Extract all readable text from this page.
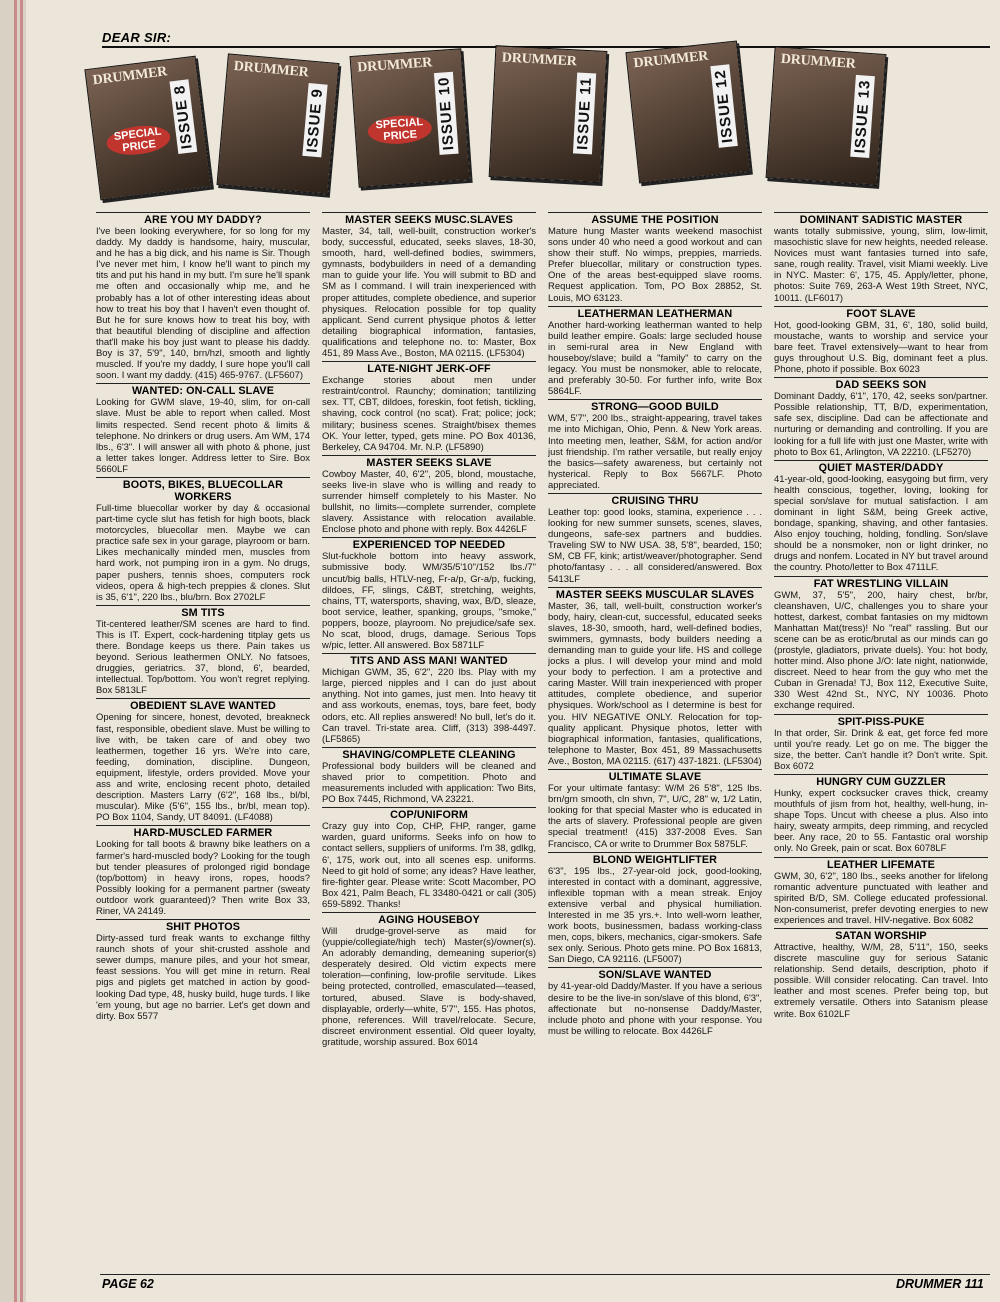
DEAR SIR:
DRUMMER
SPECIAL PRICE ISSUE 8
DRUMMER
ISSUE 9
DRUMMER
SPECIAL PRICE	ISSUE 10
DRUMMER
ISSUE 11
DRUMMER
ISSUE 12
DRUMMER
ISSUE 13
ARE YOU MY DADDY?
I've been looking everywhere, for so long for my daddy. My daddy is handsome, hairy, muscular, and he has a big dick, and his name is Sir. Though I've never met him, I know he'll want to pinch my tits and put his hand in my butt. I'm sure he'll spank me often and occasionally whip me, and he probably has a lot of other interesting ideas about how to treat his boy that I haven't even thought of. But he for sure knows how to treat his boy, with that beautiful blending of discipline and affection that'll make his boy just want to please his daddy. Boy is 37, 5'9", 140, brn/hzl, smooth and lightly muscled. If you're my daddy, I sure hope you'll call soon. I want my daddy. (415) 465-9767. (LF5607)
WANTED: ON-CALL SLAVE
Looking for GWM slave, 19-40, slim, for on-call slave. Must be able to report when called. Most limits respected. Send recent photo & limits & telephone. No drinkers or drug users. Am WM, 174 lbs., 6'3". I will answer all with photo & phone, just a letter takes longer. Address letter to Sire. Box 5660LF
BOOTS, BIKES, BLUECOLLAR WORKERS
Full-time bluecollar worker by day & occasional part-time cycle slut has fetish for high boots, black motorcycles, bluecollar men. Maybe we can practice safe sex in your garage, playroom or barn. Likes mechanically minded men, muscles from hard work, not pumping iron in a gym. No drugs, paper pushers, tennis shoes, computers rock videos, opera & high-tech preppies & clones. Slut is 35, 6'1", 220 lbs., blu/brn. Box 2702LF
SM TITS
Tit-centered leather/SM scenes are hard to find. This is IT. Expert, cock-hardening titplay gets us there. Bondage keeps us there. Pain takes us beyond. Serious leathermen ONLY. No fatsoes, druggies, geriatrics. 37, blond, 6', bearded, intellectual. Top/bottom. You won't regret replying. Box 5813LF
OBEDIENT SLAVE WANTED
Opening for sincere, honest, devoted, breakneck fast, responsible, obedient slave. Must be willing to live with, be taken care of and obey two leathermen, together 16 yrs. We're into care, feeding, domination, discipline. Dungeon, equipment, lifestyle, orders provided. Move your ass and write, enclosing recent photo, detailed description. Masters Larry (6'2", 168 lbs., bl/bl, muscular). Mike (5'6", 155 lbs., br/bl, mean top). PO Box 1104, Sandy, UT 84091. (LF4088)
HARD-MUSCLED FARMER
Looking for tall boots & brawny bike leathers on a farmer's hard-muscled body? Looking for the tough but tender pleasures of prolonged rigid bondage (top/bottom) in heavy irons, ropes, hoods? Possibly looking for a permanent partner (sweaty outdoor work guaranteed)? Then write Box 33, Riner, VA 24149.
SHIT PHOTOS
Dirty-assed turd freak wants to exchange filthy raunch shots of your shit-crusted asshole and sewer dumps, manure piles, and your hot smear, feast sessions. You will get mine in return. Real pigs and piglets get matched in action by good-looking Dad type, 48, husky build, huge turds. I like 'em young, but age no barrier. Let's get down and dirty. Box 5577
MASTER SEEKS MUSC.SLAVES
Master, 34, tall, well-built, construction worker's body, successful, educated, seeks slaves, 18-30, smooth, hard, well-defined bodies, swimmers, gymnasts, bodybuilders in need of a demanding man to guide your life. You will submit to BD and SM as I command. I will train inexperienced with proper attitudes, complete obedience, and superior physiques. Relocation possible for top quality applicant. Send current physique photos & letter detailing biographical information, fantasies, qualifications and telephone no. to: Master, Box 451, 89 Mass Ave., Boston, MA 02115. (LF5304)
LATE-NIGHT JERK-OFF
Exchange stories about men under restraint/control. Raunchy; domination; tantilizing sex. TT, CBT, dildoes, foreskin, foot fetish, tickling, shaving, cock control (no scat). Frat; police; jock; military; business scenes. Straight/bisex themes OK. Your letter, typed, gets mine. PO Box 40136, Berkeley, CA 94704. Mr. N.P. (LF5890)
MASTER SEEKS SLAVE
Cowboy Master, 40, 6'2", 205, blond, moustache, seeks live-in slave who is willing and ready to surrender himself completely to his Master. No bullshit, no limits—complete surrender, complete slavery. Assistance with relocation available. Enclose photo and phone with reply. Box 4426LF
EXPERIENCED TOP NEEDED
Slut-fuckhole bottom into heavy asswork, submissive body. WM/35/5'10"/152 lbs./7" uncut/big balls, HTLV-neg, Fr-a/p, Gr-a/p, fucking, dildoes, FF, slings, C&BT, stretching, weights, chains, TT, watersports, shaving, wax, B/D, sleaze, boot service, leather, spanking, groups, "smoke," poppers, booze, playroom. No prejudice/safe sex. No scat, blood, drugs, damage. Serious Tops w/pic, letter. All answered. Box 5871LF
TITS AND ASS MAN! WANTED
Michigan GWM, 35, 6'2", 220 lbs. Play with my large, pierced nipples and I can do just about anything. Not into games, just men. Into heavy tit and ass workouts, enemas, toys, bare feet, body odors, etc. All replies answered! No bull, let's do it. Can travel. Tri-state area. Cliff, (313) 398-4497. (LF5865)
SHAVING/COMPLETE CLEANING
Professional body builders will be cleaned and shaved prior to competition. Photo and measurements included with application: Two Bits, PO Box 7445, Richmond, VA 23221.
COP/UNIFORM
Crazy guy into Cop, CHP, FHP, ranger, game warden, guard uniforms. Seeks info on how to contact sellers, suppliers of uniforms. I'm 38, gdlkg, 6', 175, work out, into all scenes esp. uniforms. Need to git hold of some; any ideas? Have leather, fire-fighter gear. Please write: Scott Macomber, PO Box 421, Palm Beach, FL 33480-0421 or call (305) 659-5892. Thanks!
AGING HOUSEBOY
Will drudge-grovel-serve as maid for (yuppie/collegiate/high tech) Master(s)/owner(s). An adorably demanding, demeaning superior(s) desperately desired. Old victim expects mere toleration—confining, low-profile servitude. Likes being protected, controlled, emasculated—teased, tortured, abused. Slave is body-shaved, displayable, orderly—white, 5'7", 155. Has photos, phone, references. Will travel/relocate. Secure, discreet environment essential. Old queer loyalty, gratitude, worship assured. Box 6014
ASSUME THE POSITION
Mature hung Master wants weekend masochist sons under 40 who need a good workout and can show their stuff. No wimps, preppies, marrieds. Prefer bluecollar, military or construction types. One of the areas best-equipped slave rooms. Request application. Tom, PO Box 28852, St. Louis, MO 63123.
LEATHERMAN LEATHERMAN
Another hard-working leatherman wanted to help build leather empire. Goals: large secluded house in semi-rural area in New England with houseboy/slave; build a "family" to carry on the legacy. You must be nonsmoker, able to relocate, and preferably 30-50. For further info, write Box 5864LF.
STRONG—GOOD BUILD
WM, 5'7", 200 lbs., straight-appearing, travel takes me into Michigan, Ohio, Penn. & New York areas. Into meeting men, leather, S&M, for action and/or just friendship. I'm rather versatile, but really enjoy the basics—safety awareness, but certainly not hysterical. Reply to Box 5667LF. Photo appreciated.
CRUISING THRU
Leather top: good looks, stamina, experience . . . looking for new summer sunsets, scenes, slaves, dungeons, safe-sex partners and buddies. Traveling SW to NW USA. 38, 5'8", bearded, 150; SM, CB FF, kink; artist/weaver/photographer. Send photo/fantasy . . . all considered/answered. Box 5413LF
MASTER SEEKS MUSCULAR SLAVES
Master, 36, tall, well-built, construction worker's body, hairy, clean-cut, successful, educated seeks slaves, 18-30, smooth, hard, well-defined bodies, swimmers, gymnasts, body builders needing a demanding man to guide your life. HS and college jocks a plus. I will develop your mind and mold your body to perfection. I am a protective and caring Master. Will train inexperienced with proper attitudes, complete obedience, and superior physiques. Work/school as I determine is best for you. HIV NEGATIVE ONLY. Relocation for top-quality applicant. Physique photos, letter with biographical information, fantasies, qualifications, telephone to Master, Box 451, 89 Massachusetts Ave., Boston, MA 02115. (617) 437-1821. (LF5304)
ULTIMATE SLAVE
For your ultimate fantasy: W/M 26 5'8", 125 lbs. brn/grn smooth, cln shvn, 7", U/C, 28" w, 1/2 Latin, looking for that special Master who is educated in the arts of slavery. Professional people are given special treatment! (415) 337-2008 Eves. San Francisco, CA or write to Drummer Box 5875LF.
BLOND WEIGHTLIFTER
6'3", 195 lbs., 27-year-old jock, good-looking, interested in contact with a dominant, aggressive, inflexible topman with a mean streak. Enjoy extensive verbal and physical humiliation. Interested in me 35 yrs.+. Into well-worn leather, work boots, businessmen, badass working-class men, cops, bikers, mechanics, cigar-smokers. Safe sex only. Serious. Photo gets mine. PO Box 16813, San Diego, CA 92116. (LF5007)
SON/SLAVE WANTED
by 41-year-old Daddy/Master. If you have a serious desire to be the live-in son/slave of this blond, 6'3", affectionate but no-nonsense Daddy/Master, include photo and phone with your response. You must be willing to relocate. Box 4426LF
DOMINANT SADISTIC MASTER
wants totally submissive, young, slim, low-limit, masochistic slave for new heights, needed release. Novices must want fantasies turned into safe, sane, rough reality. Travel, visit Miami weekly. Live in NYC. Master: 6', 175, 45. Apply/letter, phone, photos: Suite 769, 263-A West 19th Street, NYC, 10011. (LF6017)
FOOT SLAVE
Hot, good-looking GBM, 31, 6', 180, solid build, moustache, wants to worship and service your bare feet. Travel extensively—want to hear from guys throughout U.S. Big, dominant feet a plus. Phone, photo if possible. Box 6023
DAD SEEKS SON
Dominant Daddy, 6'1", 170, 42, seeks son/partner. Possible relationship, TT, B/D, experimentation, safe sex, discipline. Dad can be affectionate and nurturing or demanding and controlling. If you are looking for a full life with just one Master, write with photo to Box 61, Arlington, VA 22210. (LF5270)
QUIET MASTER/DADDY
41-year-old, good-looking, easygoing but firm, very health conscious, together, loving, looking for special son/slave for mutual satisfaction. I am dominant in light S&M, being Greek active, bondage, spanking, shaving, and other fantasies. Also enjoy touching, holding, fondling. Son/slave should be a nonsmoker, non or light drinker, no drugs and nonfem. Located in NY but travel around the country. Photo/letter to Box 4711LF.
FAT WRESTLING VILLAIN
GWM, 37, 5'5", 200, hairy chest, br/br, cleanshaven, U/C, challenges you to share your hottest, darkest, combat fantasies on my midtown Manhattan Mat(tress)! No "real" rassling. But our scene can be as erotic/brutal as our minds can go (prostyle, gladiators, private duels). You: hot body, hotter mind. Also phone J/O: late night, nationwide, discreet. Need to hear from the guy who met the Cuban in Grenada! TJ, Box 112, Executive Suite, 330 West 42nd St., NYC, NY 10036. Photo exchange required.
SPIT-PISS-PUKE
In that order, Sir. Drink & eat, get force fed more until you're ready. Let go on me. The bigger the size, the better. Can't handle it? Don't write. Spit. Box 6072
HUNGRY CUM GUZZLER
Hunky, expert cocksucker craves thick, creamy mouthfuls of jism from hot, healthy, well-hung, in-shape Tops. Uncut with cheese a plus. Also into hairy, sweaty armpits, deep rimming, and recycled beer. Any race, 20 to 55. Fantastic oral worship only. No Greek, pain or scat. Box 6078LF
LEATHER LIFEMATE
GWM, 30, 6'2", 180 lbs., seeks another for lifelong romantic adventure punctuated with leather and spirited B/D, SM. College educated professional. Non-consumerist, prefer devoting energies to new experiences and travel. HIV-negative. Box 6082
SATAN WORSHIP
Attractive, healthy, W/M, 28, 5'11", 150, seeks discrete masculine guy for serious Satanic relationship. Send details, description, photo if possible. Will consider relocating. Can travel. Into leather and most scenes. Prefer being top, but extremely versatile. Others into Satanism please write. Box 6102LF
PAGE 62	DRUMMER 111
